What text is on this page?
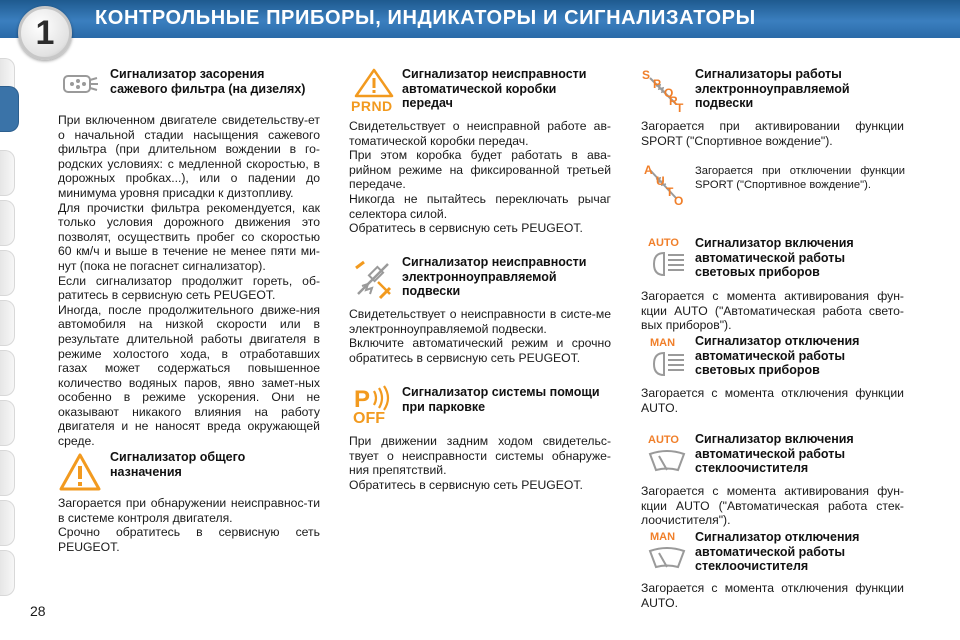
КОНТРОЛЬНЫЕ ПРИБОРЫ, ИНДИКАТОРЫ И СИГНАЛИЗАТОРЫ
1
Сигнализатор засорения сажевого фильтра (на дизелях)
При включенном двигателе свидетельству-ет о начальной стадии насыщения сажевого фильтра (при длительном вождении в го-родских условиях: с медленной скоростью, в дорожных пробках...), или о падении до минимума уровня присадки к дизтопливу.
Для прочистки фильтра рекомендуется, как только условия дорожного движения это позволят, осуществить пробег со скоростью 60 км/ч и выше в течение не менее пяти ми-нут (пока не погаснет сигнализатор).
Если сигнализатор продолжит гореть, об-ратитесь в сервисную сеть PEUGEOT.
Иногда, после продолжительного движе-ния автомобиля на низкой скорости или в результате длительной работы двигателя в режиме холостого хода, в отработавших газах может содержаться повышенное количество водяных паров, явно замет-ных особенно в режиме ускорения. Они не оказывают никакого влияния на работу двигателя и не наносят вреда окружающей среде.
Сигнализатор общего назначения
Загорается при обнаружении неисправнос-ти в системе контроля двигателя.
Срочно обратитесь в сервисную сеть PEUGEOT.
PRND
Сигнализатор неисправности автоматической коробки передач
Свидетельствует о неисправной работе ав-томатической коробки передач.
При этом коробка будет работать в ава-рийном режиме на фиксированной третьей передаче.
Никогда не пытайтесь переключать рычаг селектора силой.
Обратитесь в сервисную сеть PEUGEOT.
Сигнализатор неисправности электронноуправляемой подвески
Свидетельствует о неисправности в систе-ме электронноуправляемой подвески.
Включите автоматический режим и срочно обратитесь в сервисную сеть PEUGEOT.
P
OFF
Сигнализатор системы помощи при парковке
При движении задним ходом свидетельс-твует о неисправности системы обнаруже-ния препятствий.
Обратитесь в сервисную сеть PEUGEOT.
S
P
O
R
T
Сигнализаторы работы электронноуправляемой подвески
Загорается при активировании функции SPORT ("Спортивное вождение").
A
U
T
O
Загорается при отключении функции SPORT ("Спортивное вождение").
AUTO Сигнализатор включения автоматической работы световых приборов
Загорается с момента активирования фун-кции AUTO ("Автоматическая работа свето-вых приборов").
MAN Сигнализатор отключения автоматической работы световых приборов
Загорается с момента отключения функции AUTO.
AUTO Сигнализатор включения автоматической работы стеклоочистителя
Загорается с момента активирования фун-кции AUTO ("Автоматическая работа стек-лоочистителя").
MAN Сигнализатор отключения автоматической работы стеклоочистителя
Загорается с момента отключения функции AUTO.
28
